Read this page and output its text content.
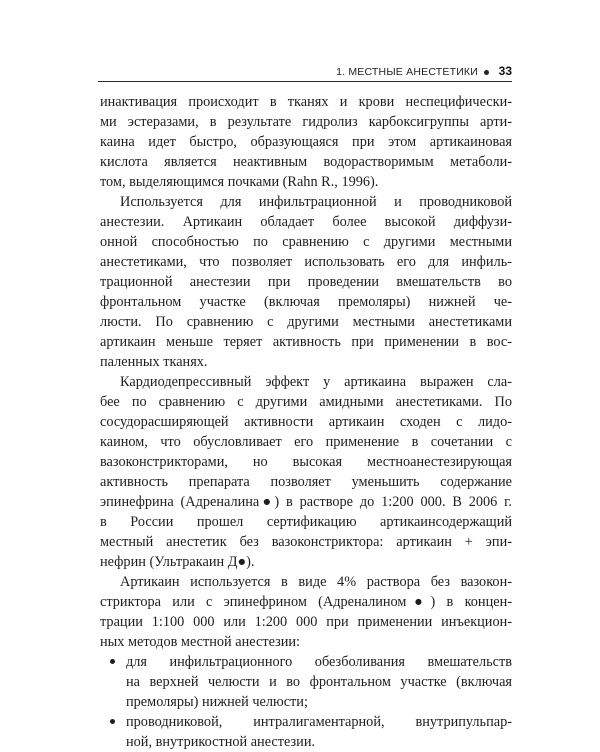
1. МЕСТНЫЕ АНЕСТЕТИКИ 33
инактивация происходит в тканях и крови неспецифически-
ми эстеразами, в результате гидролиз карбоксигруппы арти-
каина идет быстро, образующаяся при этом артикаиновая
кислота является неактивным водорастворимым метаболи-
том, выделяющимся почками (Rahn R., 1996).
Используется для инфильтрационной и проводниковой
анестезии. Артикаин обладает более высокой диффузи-
онной способностью по сравнению с другими местными
анестетиками, что позволяет использовать его для инфиль-
трационной анестезии при проведении вмешательств во
фронтальном участке (включая премоляры) нижней че-
люсти. По сравнению с другими местными анестетиками
артикаин меньше теряет активность при применении в вос-
паленных тканях.
Кардиодепрессивный эффект у артикаина выражен сла-
бее по сравнению с другими амидными анестетиками. По
сосудорасширяющей активности артикаин сходен с лидо-
каином, что обусловливает его применение в сочетании с
вазоконстрикторами, но высокая местноанестезирующая
активность препарата позволяет уменьшить содержание
эпинефрина (Адреналина●) в растворе до 1:200 000. В 2006 г.
в России прошел сертификацию артикаинсодержащий
местный анестетик без вазоконстриктора: артикаин + эпи-
нефрин (Ультракаин Д●).
Артикаин используется в виде 4% раствора без вазокон-
стриктора или с эпинефрином (Адреналином●) в концен-
трации 1:100 000 или 1:200 000 при применении инъекцион-
ных методов местной анестезии:
для инфильтрационного обезболивания вмешательств
на верхней челюсти и во фронтальном участке (включая
премоляры) нижней челюсти;
проводниковой, интралигаментарной, внутрипульпар-
ной, внутрикостной анестезии.
